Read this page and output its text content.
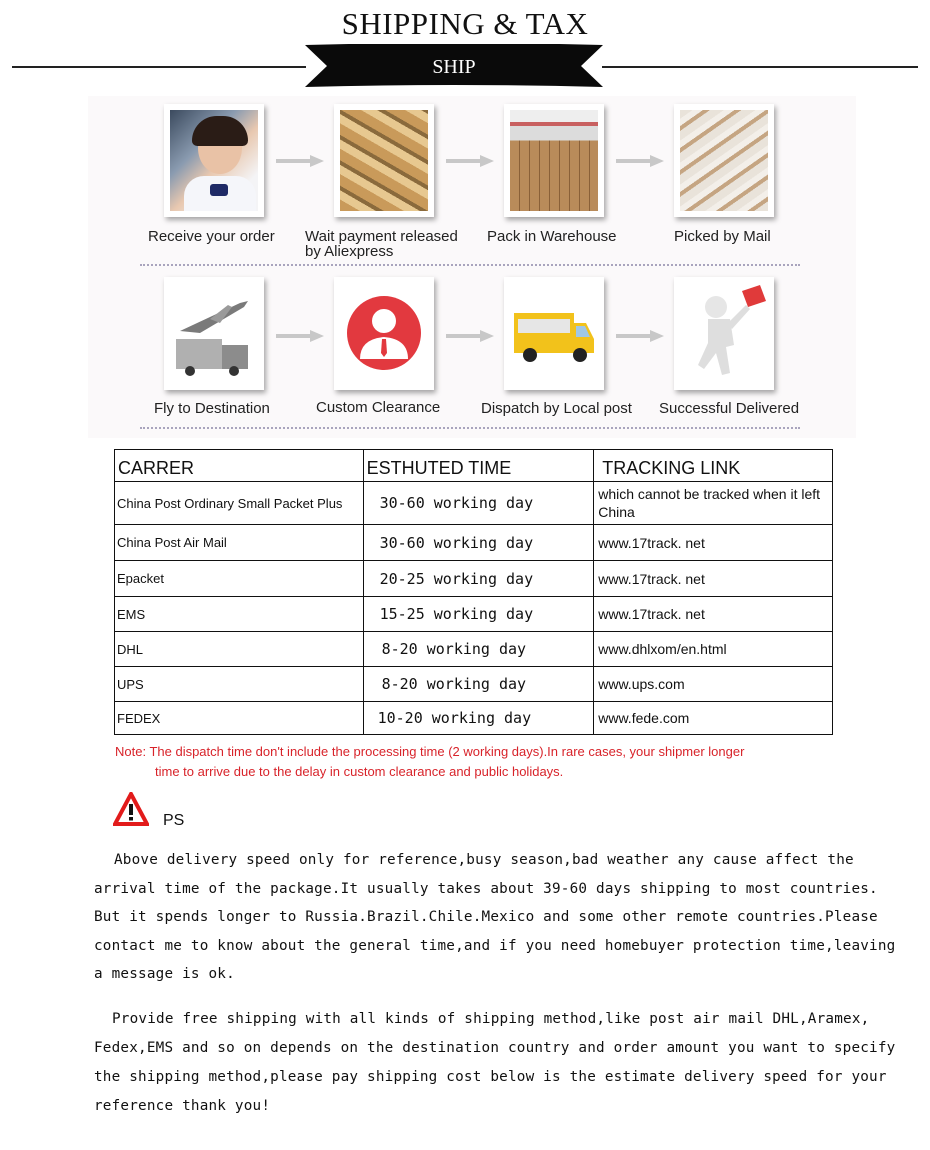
SHIPPING & TAX
SHIP
Receive your order Wait payment released
by Aliexpress
Pack in Warehouse	Picked by Mail
Fly to Destination	Custom Clearance	Dispatch by Local post Successful Delivered
CARRER	ESTHUTED TIME	TRACKING LINK
China Post Ordinary Small Packet Plus	30-60 working day	which cannot be tracked when it left China
China Post Air Mail	30-60 working day	www.17track. net
Epacket	20-25 working day	www.17track. net
EMS	15-25 working day	www.17track. net
DHL	8-20 working day	www.dhlxom/en.html
UPS	8-20 working day	www.ups.com
FEDEX	10-20 working day	www.fede.com
Note: The dispatch time don't include the processing time (2 working days).In rare cases, your shipmer longer
time to arrive due to the delay in custom clearance and public holidays.
PS
Above delivery speed only for reference,busy season,bad weather any cause affect the
arrival time of the package.It usually takes about 39-60 days shipping to most countries.
But it spends longer to Russia.Brazil.Chile.Mexico and some other remote countries.Please
contact me to know about the general time,and if you need homebuyer protection time,leaving
a message is ok.
Provide free shipping with all kinds of shipping method,like post air mail DHL,Aramex,
Fedex,EMS and so on depends on the destination country and order amount you want to specify
the shipping method,please pay shipping cost below is the estimate delivery speed for your
reference thank you!
